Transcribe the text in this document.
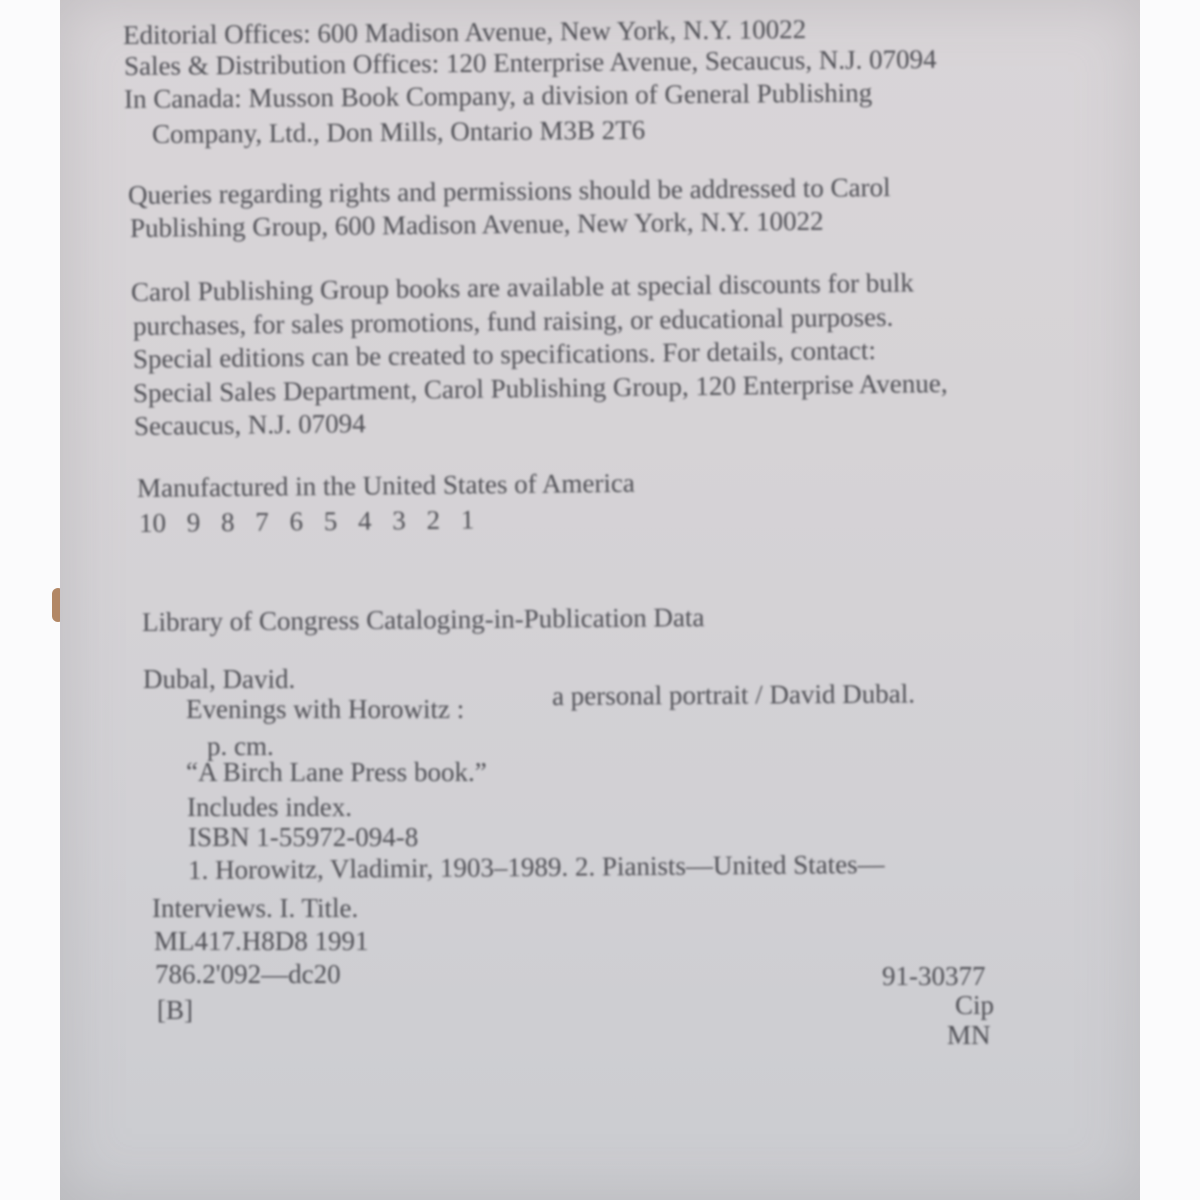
Editorial Offices: 600 Madison Avenue, New York, N.Y. 10022
Sales & Distribution Offices: 120 Enterprise Avenue, Secaucus, N.J. 07094
In Canada: Musson Book Company, a division of General Publishing
Company, Ltd., Don Mills, Ontario M3B 2T6
Queries regarding rights and permissions should be addressed to Carol
Publishing Group, 600 Madison Avenue, New York, N.Y. 10022
Carol Publishing Group books are available at special discounts for bulk
purchases, for sales promotions, fund raising, or educational purposes.
Special editions can be created to specifications. For details, contact:
Special Sales Department, Carol Publishing Group, 120 Enterprise Avenue,
Secaucus, N.J. 07094
Manufactured in the United States of America
10 9 8 7 6 5 4 3 2 1
Library of Congress Cataloging-in-Publication Data
Dubal, David.
Evenings with Horowitz :	a personal portrait / David Dubal.
p. cm.
“A Birch Lane Press book.”
Includes index.
ISBN 1-55972-094-8
1. Horowitz, Vladimir, 1903–1989. 2. Pianists—United States—
Interviews. I. Title.
ML417.H8D8 1991
786.2'092—dc20	91-30377
[B]	Cip
MN
